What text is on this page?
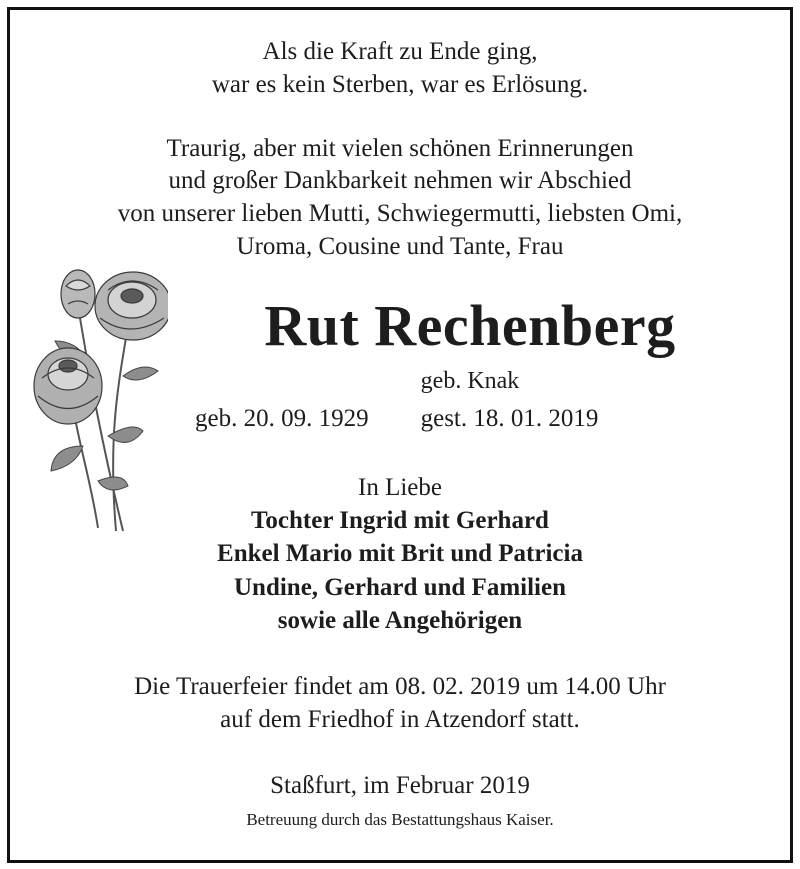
Als die Kraft zu Ende ging,
war es kein Sterben, war es Erlösung.
Traurig, aber mit vielen schönen Erinnerungen
und großer Dankbarkeit nehmen wir Abschied
von unserer lieben Mutti, Schwiegermutti, liebsten Omi,
Uroma, Cousine und Tante, Frau
Rut Rechenberg
geb. Knak
geb. 20. 09. 1929 gest. 18. 01. 2019
In Liebe
Tochter Ingrid mit Gerhard
Enkel Mario mit Brit und Patricia
Undine, Gerhard und Familien
sowie alle Angehörigen
Die Trauerfeier findet am 08. 02. 2019 um 14.00 Uhr
auf dem Friedhof in Atzendorf statt.
Staßfurt, im Februar 2019
Betreuung durch das Bestattungshaus Kaiser.
